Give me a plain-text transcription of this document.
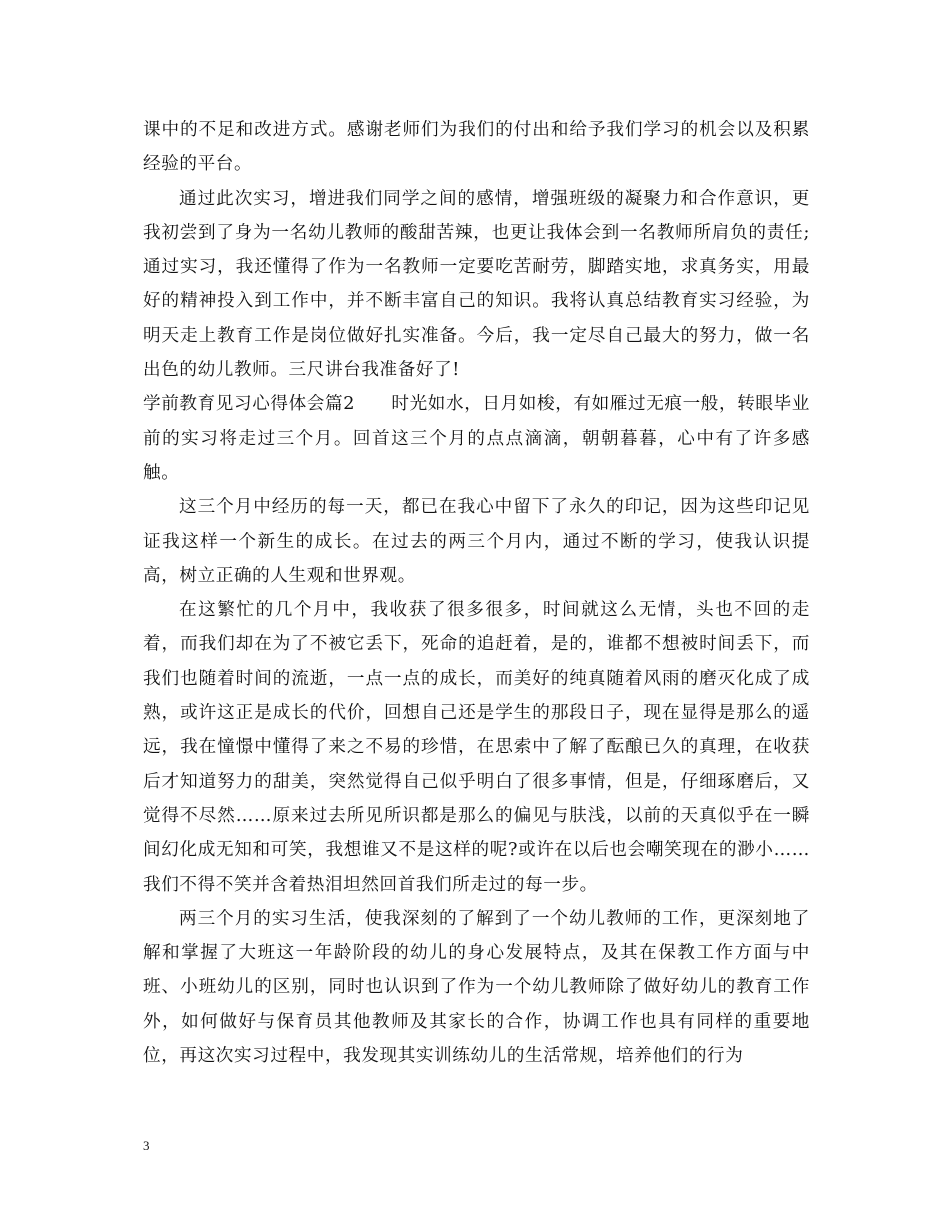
课中的不足和改进方式。感谢老师们为我们的付出和给予我们学习的机会以及积累经验的平台。

通过此次实习，增进我们同学之间的感情，增强班级的凝聚力和合作意识，更我初尝到了身为一名幼儿教师的酸甜苦辣，也更让我体会到一名教师所肩负的责任;通过实习，我还懂得了作为一名教师一定要吃苦耐劳，脚踏实地，求真务实，用最好的精神投入到工作中，并不断丰富自己的知识。我将认真总结教育实习经验，为明天走上教育工作是岗位做好扎实准备。今后，我一定尽自己最大的努力，做一名出色的幼儿教师。三尺讲台我准备好了!

学前教育见习心得体会篇2　　时光如水，日月如梭，有如雁过无痕一般，转眼毕业前的实习将走过三个月。回首这三个月的点点滴滴，朝朝暮暮，心中有了许多感触。

这三个月中经历的每一天，都已在我心中留下了永久的印记，因为这些印记见证我这样一个新生的成长。在过去的两三个月内，通过不断的学习，使我认识提高，树立正确的人生观和世界观。

在这繁忙的几个月中，我收获了很多很多，时间就这么无情，头也不回的走着，而我们却在为了不被它丢下，死命的追赶着，是的，谁都不想被时间丢下，而我们也随着时间的流逝，一点一点的成长，而美好的纯真随着风雨的磨灭化成了成熟，或许这正是成长的代价，回想自己还是学生的那段日子，现在显得是那么的遥远，我在憧憬中懂得了来之不易的珍惜，在思索中了解了酝酿已久的真理，在收获后才知道努力的甜美，突然觉得自己似乎明白了很多事情，但是，仔细琢磨后，又觉得不尽然……原来过去所见所识都是那么的偏见与肤浅，以前的天真似乎在一瞬间幻化成无知和可笑，我想谁又不是这样的呢?或许在以后也会嘲笑现在的渺小……我们不得不笑并含着热泪坦然回首我们所走过的每一步。

两三个月的实习生活，使我深刻的了解到了一个幼儿教师的工作，更深刻地了解和掌握了大班这一年龄阶段的幼儿的身心发展特点，及其在保教工作方面与中班、小班幼儿的区别，同时也认识到了作为一个幼儿教师除了做好幼儿的教育工作外，如何做好与保育员其他教师及其家长的合作，协调工作也具有同样的重要地位，再这次实习过程中，我发现其实训练幼儿的生活常规，培养他们的行为

3
